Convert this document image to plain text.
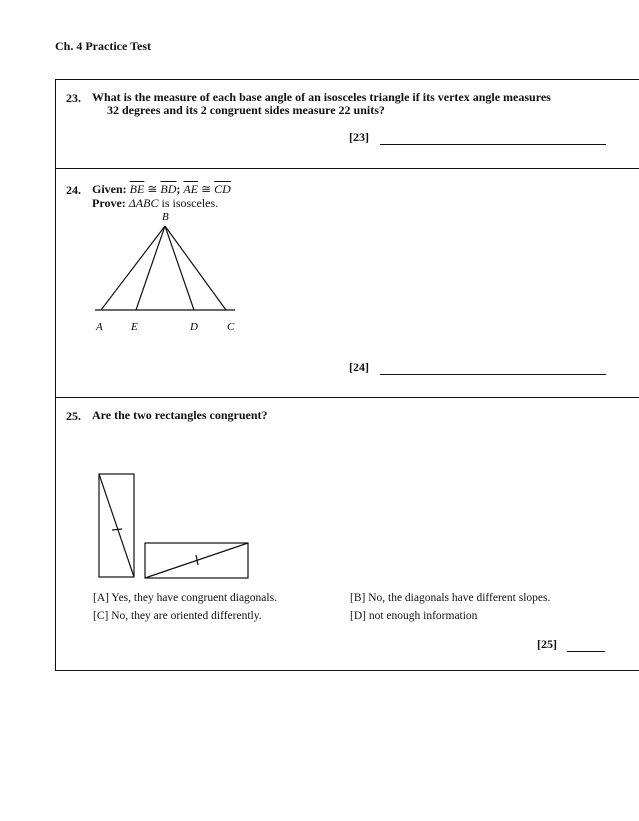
Ch. 4 Practice Test
23. What is the measure of each base angle of an isosceles triangle if its vertex angle measures
32 degrees and its 2 congruent sides measure 22 units?
[23]
24. Given: $\overline{BE}$ ≅ $\overline{BD}$; $\overline{AE}$ ≅ $\overline{CD}$
Prove: ΔABC is isosceles.
B
A	E	D	C
[24]
25. Are the two rectangles congruent?
[A] Yes, they have congruent diagonals.	[B] No, the diagonals have different slopes.
[C] No, they are oriented differently.	[D] not enough information
[25]
